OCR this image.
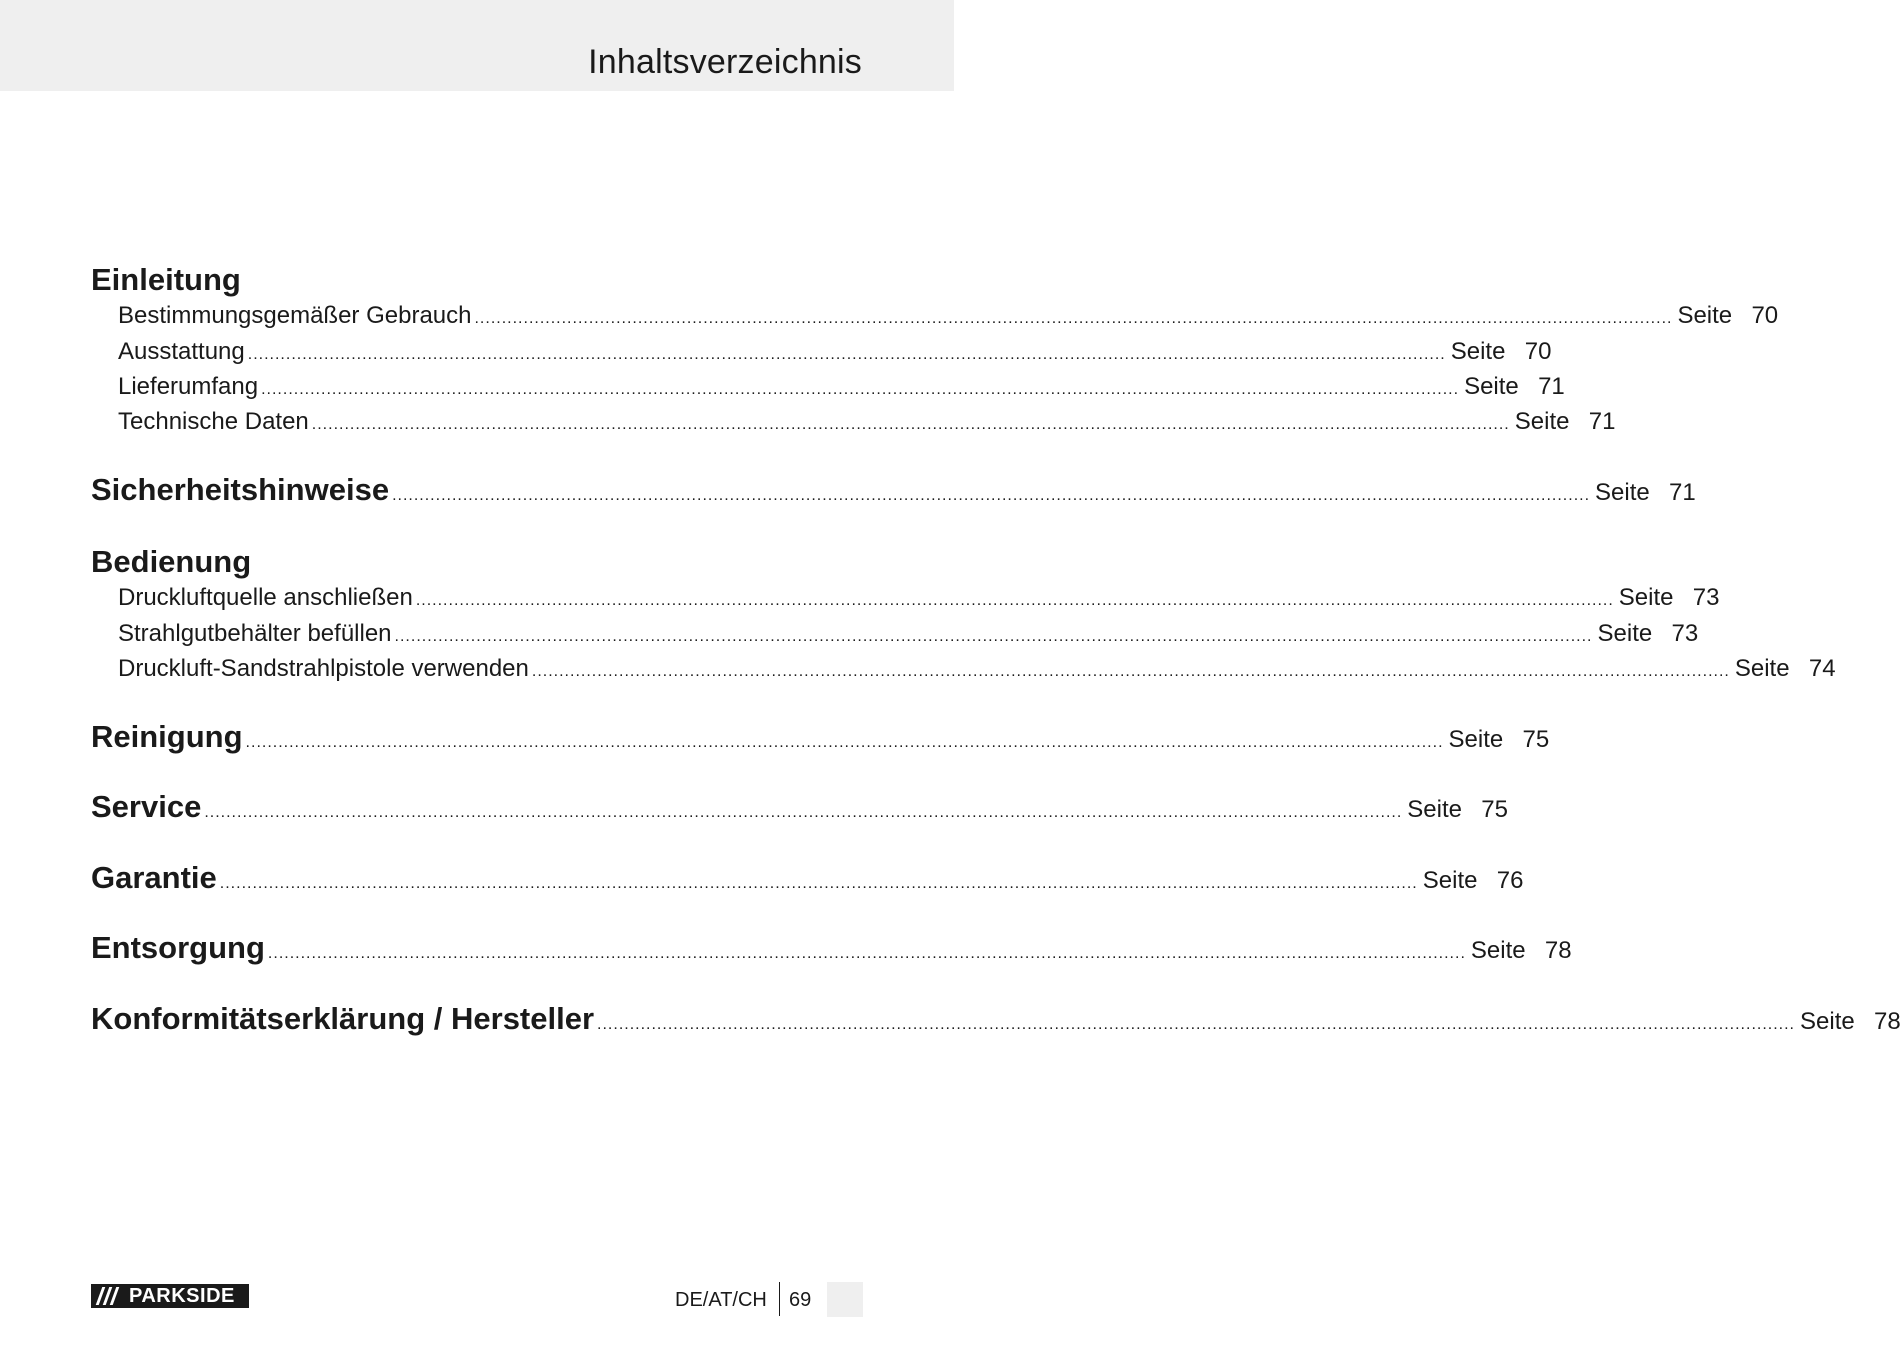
Inhaltsverzeichnis
Einleitung
Bestimmungsgemäßer Gebrauch ............................................................................................................................................................................................................................ Seite 70
Ausstattung ............................................................................................................................................................................................................................ Seite 70
Lieferumfang ............................................................................................................................................................................................................................ Seite 71
Technische Daten ............................................................................................................................................................................................................................ Seite 71
Sicherheitshinweise ............................................................................................................................................................................................................................ Seite 71
Bedienung
Druckluftquelle anschließen ............................................................................................................................................................................................................................ Seite 73
Strahlgutbehälter befüllen ............................................................................................................................................................................................................................ Seite 73
Druckluft-Sandstrahlpistole verwenden ............................................................................................................................................................................................................................ Seite 74
Reinigung ............................................................................................................................................................................................................................ Seite 75
Service ............................................................................................................................................................................................................................ Seite 75
Garantie ............................................................................................................................................................................................................................ Seite 76
Entsorgung ............................................................................................................................................................................................................................ Seite 78
Konformitätserklärung / Hersteller ............................................................................................................................................................................................................................ Seite 78
PARKSIDE	DE/AT/CH 69
